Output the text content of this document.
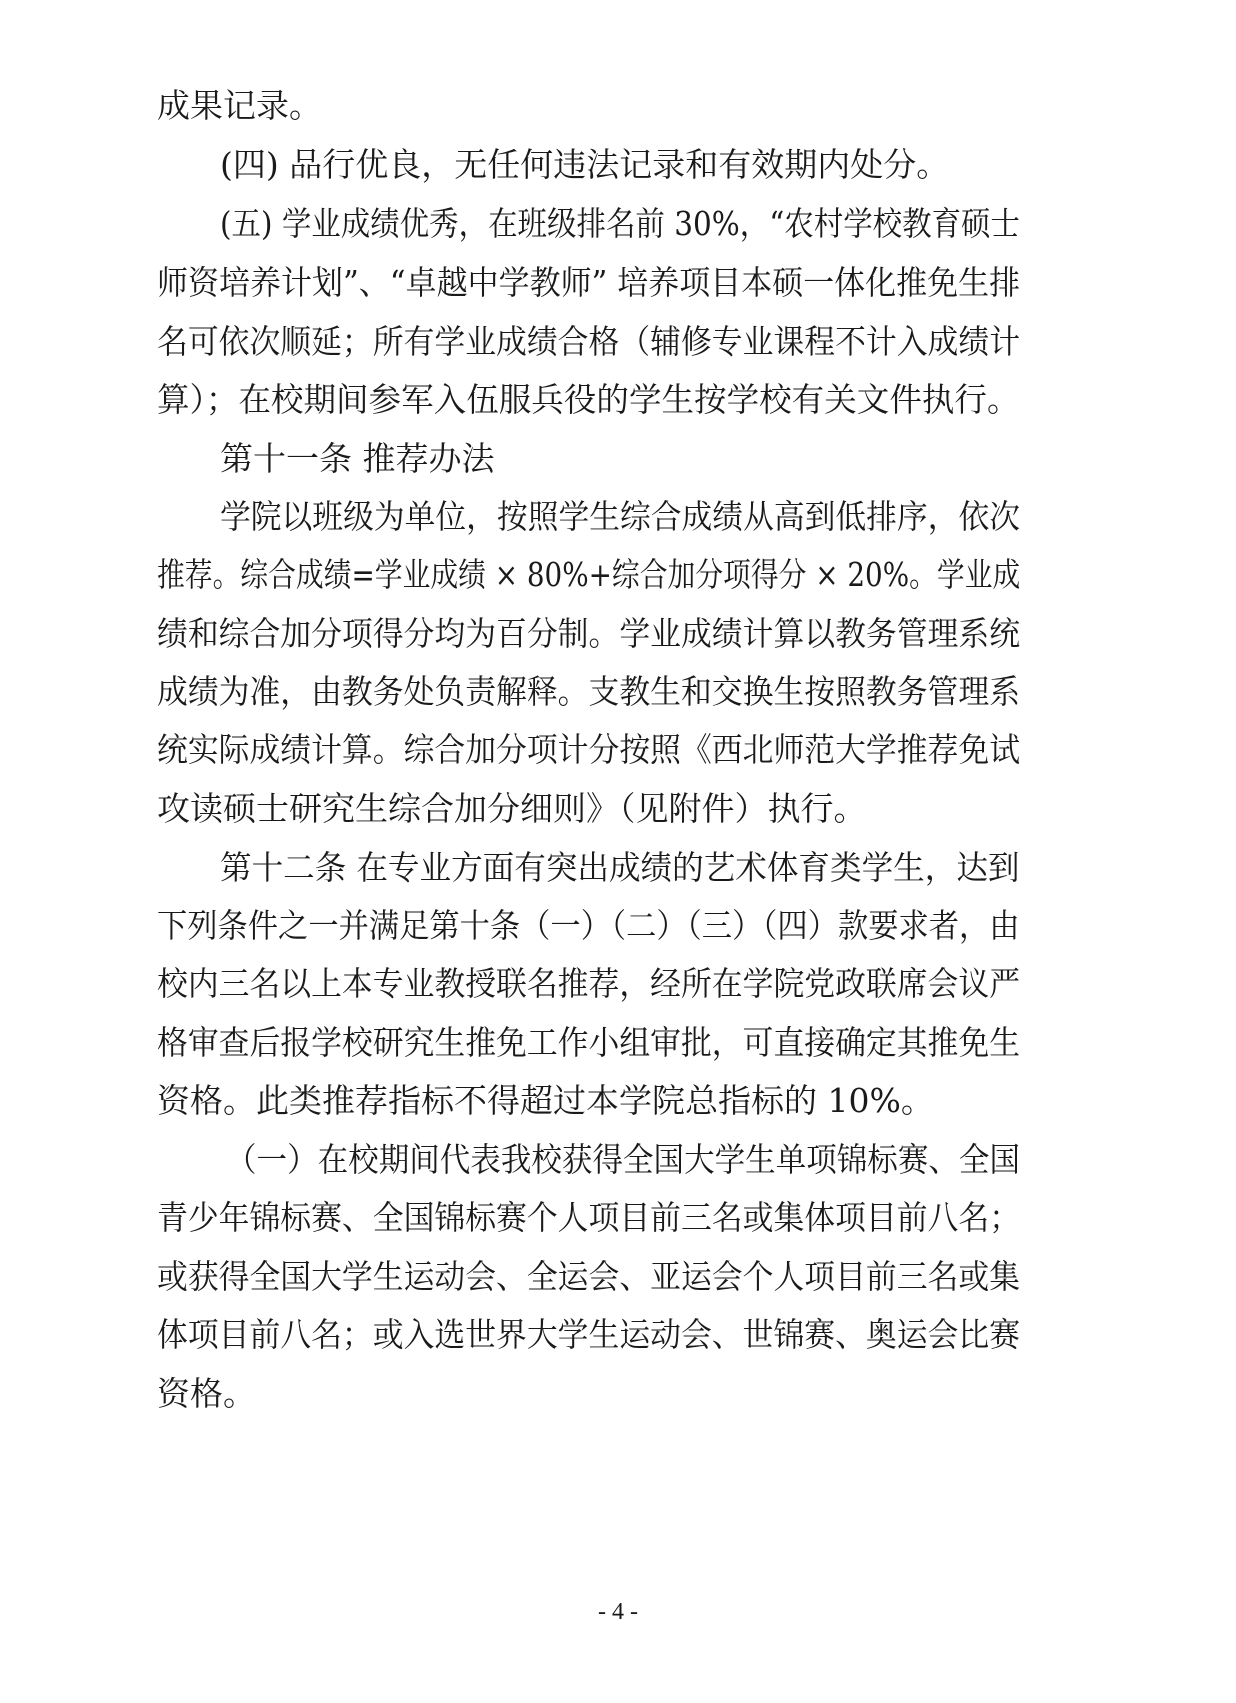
成果记录。
(四) 品行优良，无任何违法记录和有效期内处分。
(五) 学业成绩优秀，在班级排名前 30%，“农村学校教育硕士
师资培养计划”、“卓越中学教师” 培养项目本硕一体化推免生排
名可依次顺延；所有学业成绩合格（辅修专业课程不计入成绩计
算）；在校期间参军入伍服兵役的学生按学校有关文件执行。
第十一条 推荐办法
学院以班级为单位，按照学生综合成绩从高到低排序，依次
推荐。综合成绩=学业成绩 × 80%+综合加分项得分 × 20%。学业成
绩和综合加分项得分均为百分制。学业成绩计算以教务管理系统
成绩为准，由教务处负责解释。支教生和交换生按照教务管理系
统实际成绩计算。综合加分项计分按照《西北师范大学推荐免试
攻读硕士研究生综合加分细则》（见附件）执行。
第十二条 在专业方面有突出成绩的艺术体育类学生，达到
下列条件之一并满足第十条（一）（二）（三）（四）款要求者，由
校内三名以上本专业教授联名推荐，经所在学院党政联席会议严
格审查后报学校研究生推免工作小组审批，可直接确定其推免生
资格。此类推荐指标不得超过本学院总指标的 10%。
（一）在校期间代表我校获得全国大学生单项锦标赛、全国
青少年锦标赛、全国锦标赛个人项目前三名或集体项目前八名；
或获得全国大学生运动会、全运会、亚运会个人项目前三名或集
体项目前八名；或入选世界大学生运动会、世锦赛、奥运会比赛
资格。
- 4 -
